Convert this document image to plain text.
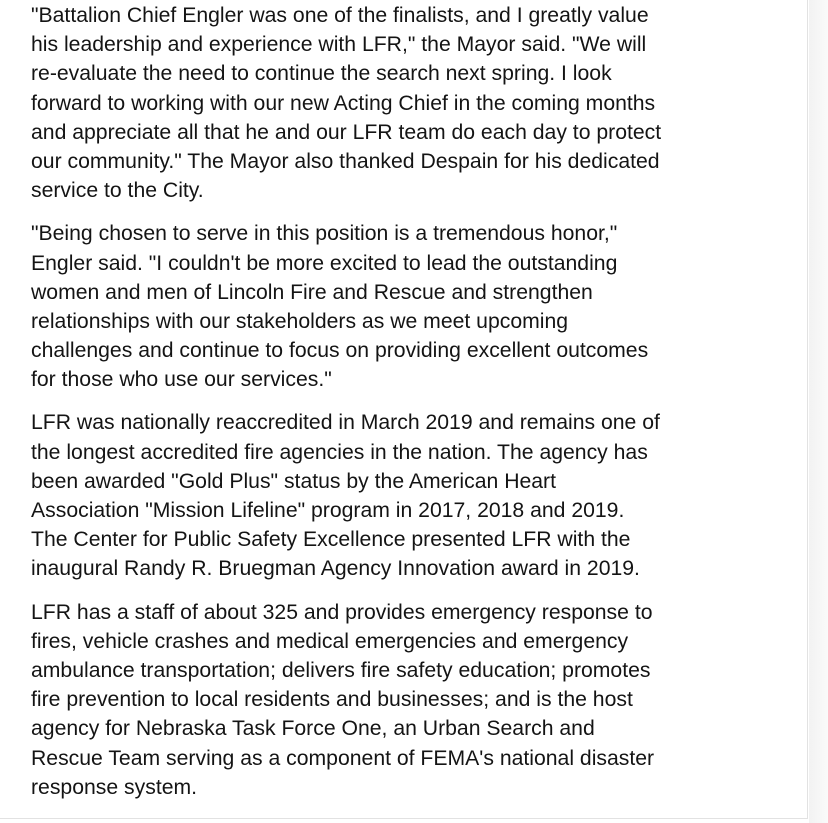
"Battalion Chief Engler was one of the finalists, and I greatly value
his leadership and experience with LFR," the Mayor said. "We will
re-evaluate the need to continue the search next spring. I look
forward to working with our new Acting Chief in the coming months
and appreciate all that he and our LFR team do each day to protect
our community." The Mayor also thanked Despain for his dedicated
service to the City.

"Being chosen to serve in this position is a tremendous honor,"
Engler said. "I couldn't be more excited to lead the outstanding
women and men of Lincoln Fire and Rescue and strengthen
relationships with our stakeholders as we meet upcoming
challenges and continue to focus on providing excellent outcomes
for those who use our services."

LFR was nationally reaccredited in March 2019 and remains one of
the longest accredited fire agencies in the nation. The agency has
been awarded "Gold Plus" status by the American Heart
Association "Mission Lifeline" program in 2017, 2018 and 2019.
The Center for Public Safety Excellence presented LFR with the
inaugural Randy R. Bruegman Agency Innovation award in 2019.

LFR has a staff of about 325 and provides emergency response to
fires, vehicle crashes and medical emergencies and emergency
ambulance transportation; delivers fire safety education; promotes
fire prevention to local residents and businesses; and is the host
agency for Nebraska Task Force One, an Urban Search and
Rescue Team serving as a component of FEMA's national disaster
response system.
